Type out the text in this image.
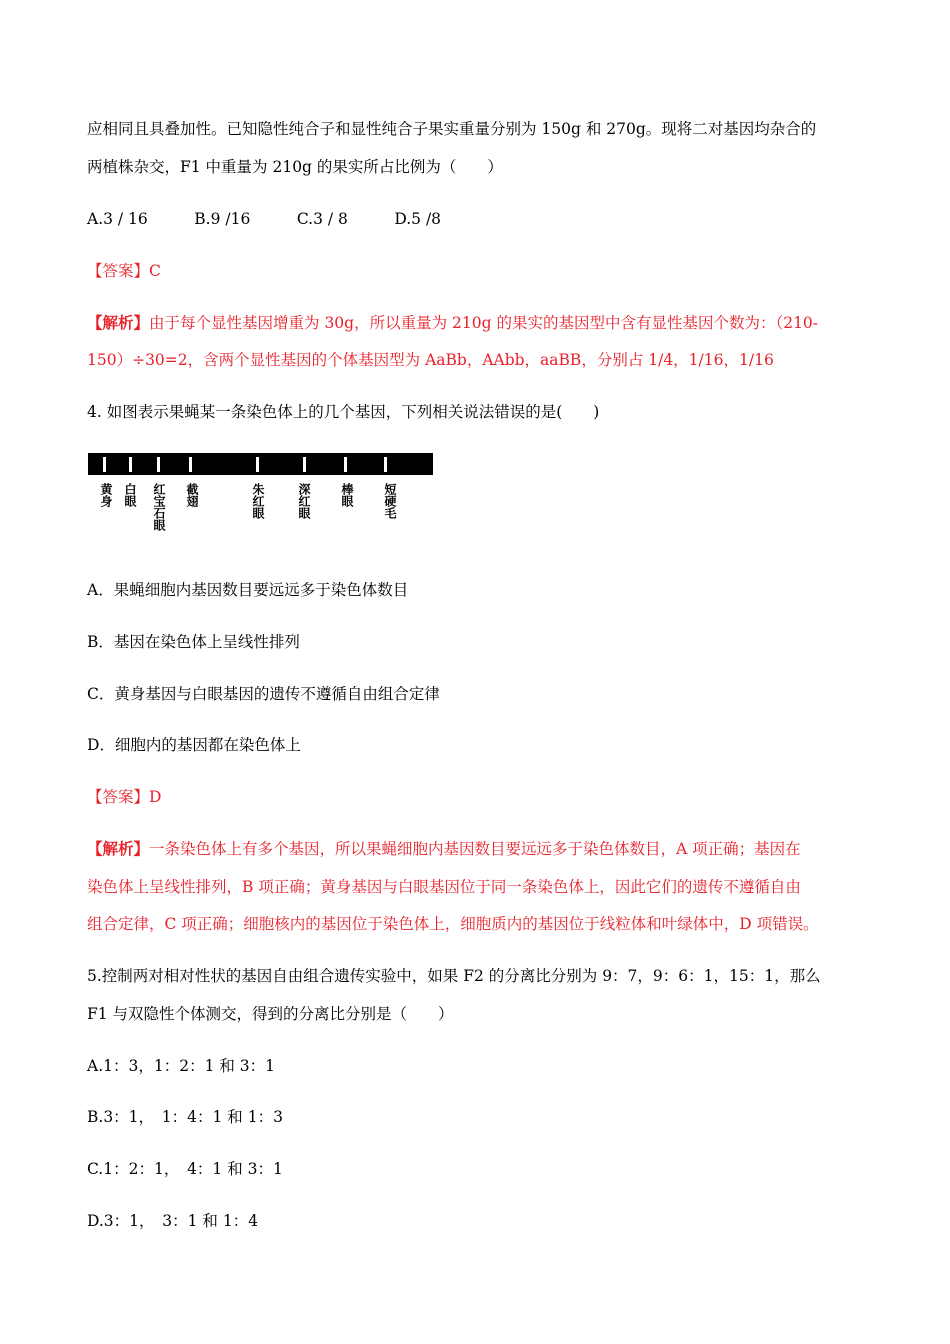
应相同且具叠加性。已知隐性纯合子和显性纯合子果实重量分别为 150g 和 270g。现将二对基因均杂合的
两植株杂交，F1 中重量为 210g 的果实所占比例为（　　）
A.3 / 16　　　B.9 /16　　　C.3 / 8　　　D.5 /8
【答案】C
【解析】由于每个显性基因增重为 30g，所以重量为 210g 的果实的基因型中含有显性基因个数为：（210-
150）÷30=2，含两个显性基因的个体基因型为 AaBb，AAbb，aaBB，分别占 1/4，1/16，1/16
4. 如图表示果蝇某一条染色体上的几个基因，下列相关说法错误的是(　　)
黄身 白眼 红宝石眼 截翅	朱红眼	深红眼 棒眼 短硬毛
A．果蝇细胞内基因数目要远远多于染色体数目
B．基因在染色体上呈线性排列
C．黄身基因与白眼基因的遗传不遵循自由组合定律
D．细胞内的基因都在染色体上
【答案】D
【解析】一条染色体上有多个基因，所以果蝇细胞内基因数目要远远多于染色体数目，A 项正确；基因在
染色体上呈线性排列，B 项正确；黄身基因与白眼基因位于同一条染色体上，因此它们的遗传不遵循自由
组合定律，C 项正确；细胞核内的基因位于染色体上，细胞质内的基因位于线粒体和叶绿体中，D 项错误。
5.控制两对相对性状的基因自由组合遗传实验中，如果 F2 的分离比分别为 9：7，9：6：1，15：1，那么
F1 与双隐性个体测交，得到的分离比分别是（　　）
A.1：3，1：2：1 和 3：1
B.3：1，　1：4：1 和 1：3
C.1：2：1，　4：1 和 3：1
D.3：1，　3：1 和 1：4
